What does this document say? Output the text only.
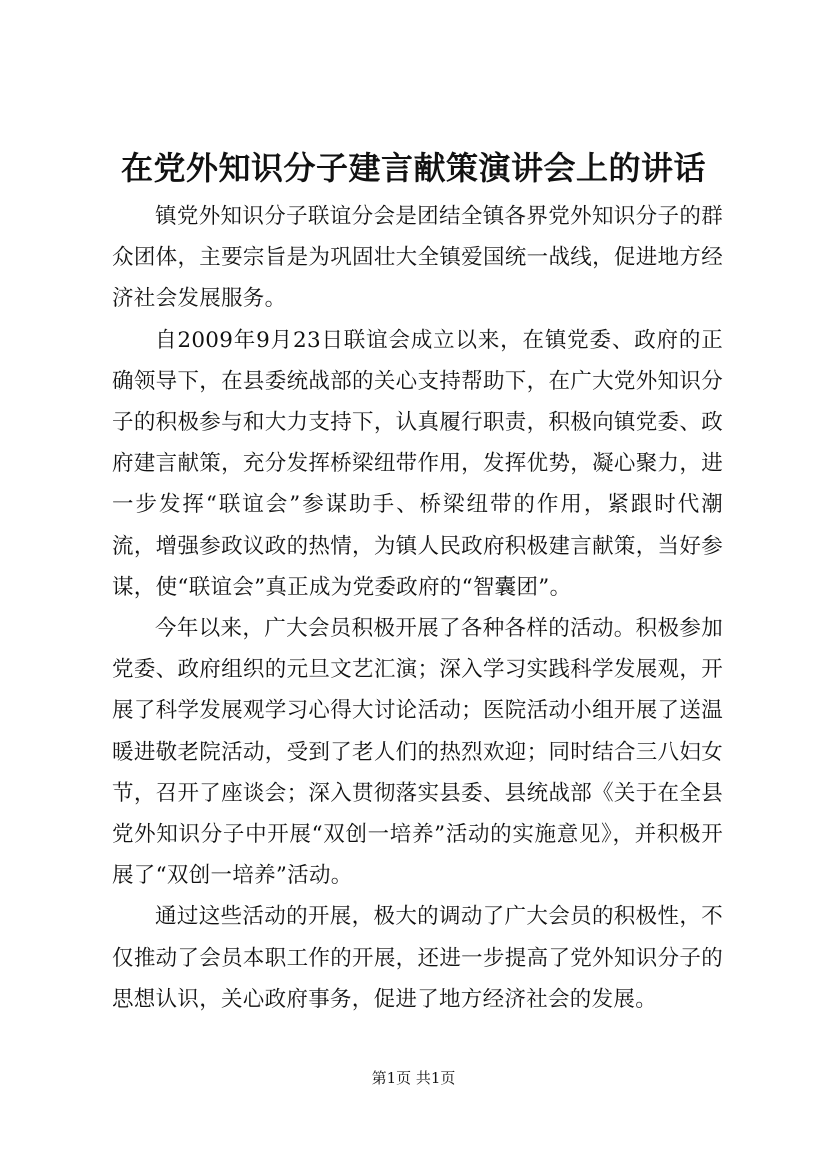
在党外知识分子建言献策演讲会上的讲话

镇党外知识分子联谊分会是团结全镇各界党外知识分子的群众团体，主要宗旨是为巩固壮大全镇爱国统一战线，促进地方经济社会发展服务。

自2009年9月23日联谊会成立以来，在镇党委、政府的正确领导下，在县委统战部的关心支持帮助下，在广大党外知识分子的积极参与和大力支持下，认真履行职责，积极向镇党委、政府建言献策，充分发挥桥梁纽带作用，发挥优势，凝心聚力，进一步发挥“联谊会”参谋助手、桥梁纽带的作用，紧跟时代潮流，增强参政议政的热情，为镇人民政府积极建言献策，当好参谋，使“联谊会”真正成为党委政府的“智囊团”。

今年以来，广大会员积极开展了各种各样的活动。积极参加党委、政府组织的元旦文艺汇演；深入学习实践科学发展观，开展了科学发展观学习心得大讨论活动；医院活动小组开展了送温暖进敬老院活动，受到了老人们的热烈欢迎；同时结合三八妇女节，召开了座谈会；深入贯彻落实县委、县统战部《关于在全县党外知识分子中开展“双创一培养”活动的实施意见》，并积极开展了“双创一培养”活动。

通过这些活动的开展，极大的调动了广大会员的积极性，不仅推动了会员本职工作的开展，还进一步提高了党外知识分子的思想认识，关心政府事务，促进了地方经济社会的发展。

第1页 共1页
